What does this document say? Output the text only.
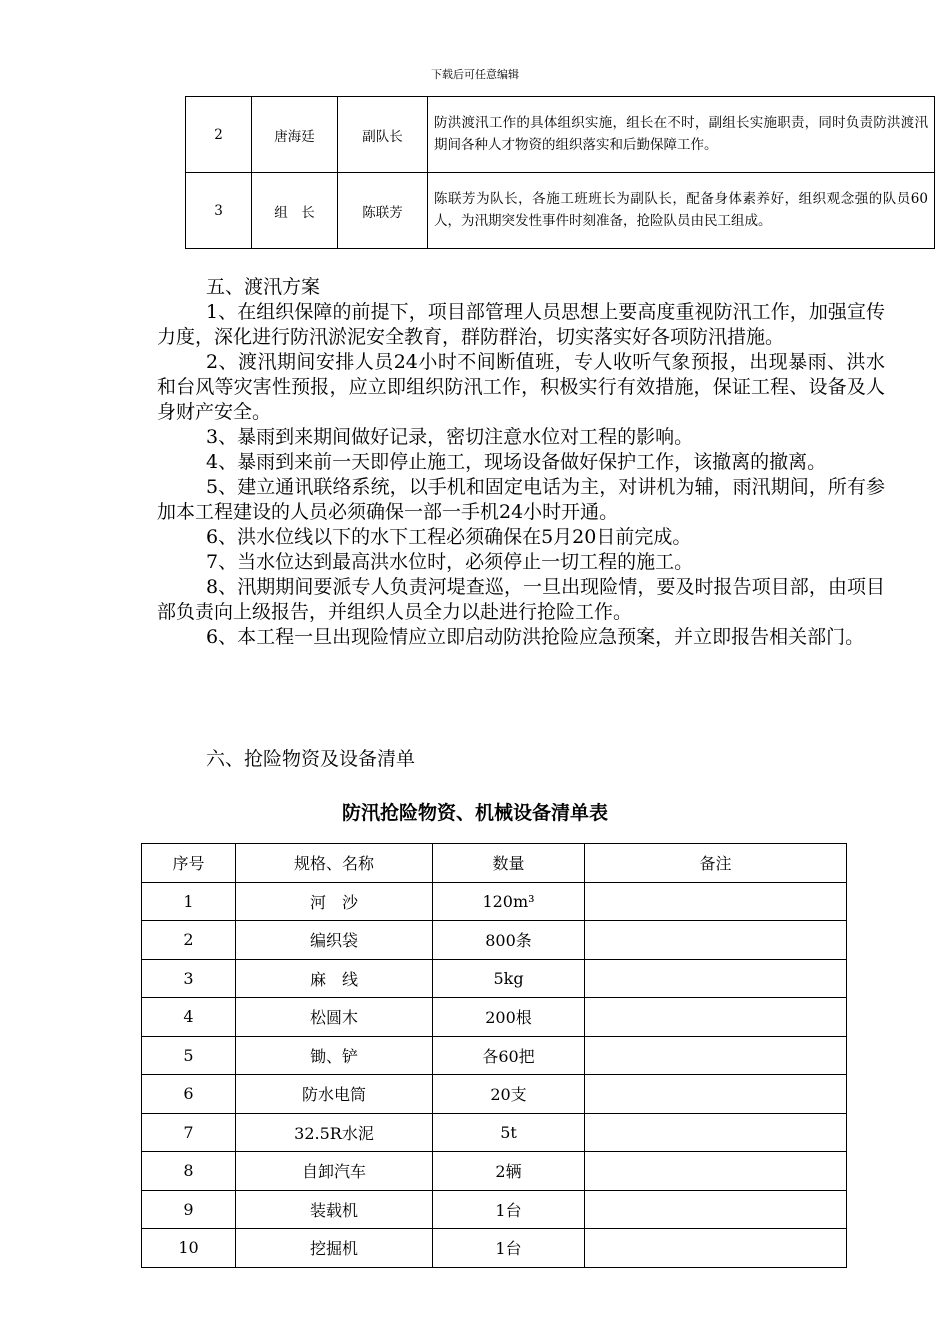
下载后可任意编辑
2	唐海廷	副队长	防洪渡汛工作的具体组织实施，组长在不时，副组长实施职责，同时负责防洪渡汛期间各种人才物资的组织落实和后勤保障工作。
3	组　长	陈联芳	陈联芳为队长，各施工班班长为副队长，配备身体素养好，组织观念强的队员60人，为汛期突发性事件时刻准备，抢险队员由民工组成。
五、渡汛方案

1、在组织保障的前提下，项目部管理人员思想上要高度重视防汛工作，加强宣传力度，深化进行防汛淤泥安全教育，群防群治，切实落实好各项防汛措施。

2、渡汛期间安排人员24小时不间断值班，专人收听气象预报，出现暴雨、洪水和台风等灾害性预报，应立即组织防汛工作，积极实行有效措施，保证工程、设备及人身财产安全。

3、暴雨到来期间做好记录，密切注意水位对工程的影响。

4、暴雨到来前一天即停止施工，现场设备做好保护工作，该撤离的撤离。

5、建立通讯联络系统，以手机和固定电话为主，对讲机为辅，雨汛期间，所有参加本工程建设的人员必须确保一部一手机24小时开通。

6、洪水位线以下的水下工程必须确保在5月20日前完成。

7、当水位达到最高洪水位时，必须停止一切工程的施工。

8、汛期期间要派专人负责河堤查巡，一旦出现险情，要及时报告项目部，由项目部负责向上级报告，并组织人员全力以赴进行抢险工作。

6、本工程一旦出现险情应立即启动防洪抢险应急预案，并立即报告相关部门。

六、抢险物资及设备清单
防汛抢险物资、机械设备清单表
序号	规格、名称	数量	备注
1	河　沙	120m³	
2	编织袋	800条	
3	麻　线	5kg	
4	松圆木	200根	
5	锄、铲	各60把	
6	防水电筒	20支	
7	32.5R水泥	5t	
8	自卸汽车	2辆	
9	装载机	1台	
10	挖掘机	1台	
